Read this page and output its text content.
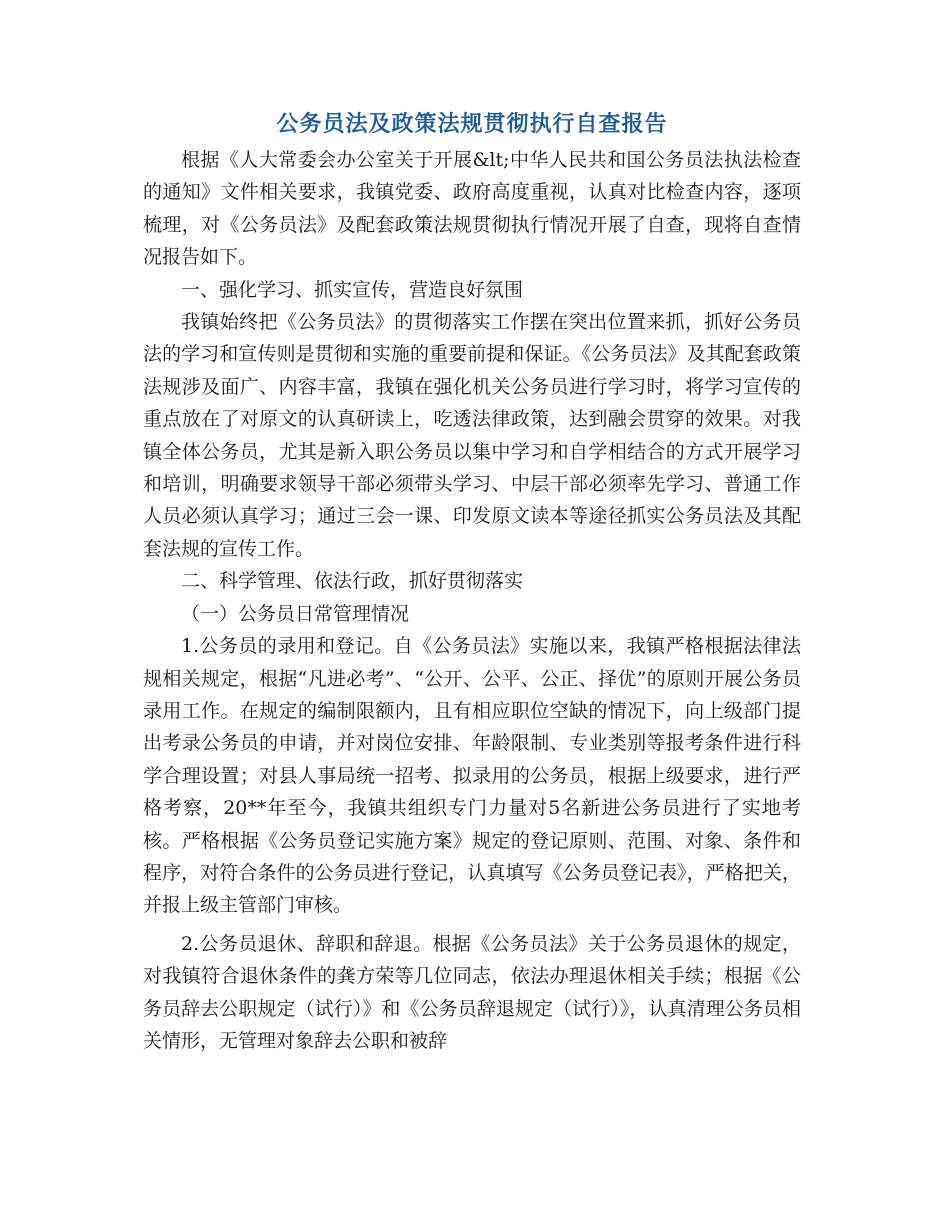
公务员法及政策法规贯彻执行自查报告

根据《人大常委会办公室关于开展&lt;中华人民共和国公务员法执法检查的通知》文件相关要求，我镇党委、政府高度重视，认真对比检查内容，逐项梳理，对《公务员法》及配套政策法规贯彻执行情况开展了自查，现将自查情况报告如下。

一、强化学习、抓实宣传，营造良好氛围

我镇始终把《公务员法》的贯彻落实工作摆在突出位置来抓，抓好公务员法的学习和宣传则是贯彻和实施的重要前提和保证。《公务员法》及其配套政策法规涉及面广、内容丰富，我镇在强化机关公务员进行学习时，将学习宣传的重点放在了对原文的认真研读上，吃透法律政策，达到融会贯穿的效果。对我镇全体公务员，尤其是新入职公务员以集中学习和自学相结合的方式开展学习和培训，明确要求领导干部必须带头学习、中层干部必须率先学习、普通工作人员必须认真学习；通过三会一课、印发原文读本等途径抓实公务员法及其配套法规的宣传工作。

二、科学管理、依法行政，抓好贯彻落实

（一）公务员日常管理情况

1.公务员的录用和登记。自《公务员法》实施以来，我镇严格根据法律法规相关规定，根据“凡进必考”、“公开、公平、公正、择优”的原则开展公务员录用工作。在规定的编制限额内，且有相应职位空缺的情况下，向上级部门提出考录公务员的申请，并对岗位安排、年龄限制、专业类别等报考条件进行科学合理设置；对县人事局统一招考、拟录用的公务员，根据上级要求，进行严格考察，20**年至今，我镇共组织专门力量对5名新进公务员进行了实地考核。严格根据《公务员登记实施方案》规定的登记原则、范围、对象、条件和程序，对符合条件的公务员进行登记，认真填写《公务员登记表》，严格把关，并报上级主管部门审核。

2.公务员退休、辞职和辞退。根据《公务员法》关于公务员退休的规定，对我镇符合退休条件的龚方荣等几位同志，依法办理退休相关手续；根据《公务员辞去公职规定（试行）》和《公务员辞退规定（试行）》，认真清理公务员相关情形，无管理对象辞去公职和被辞
